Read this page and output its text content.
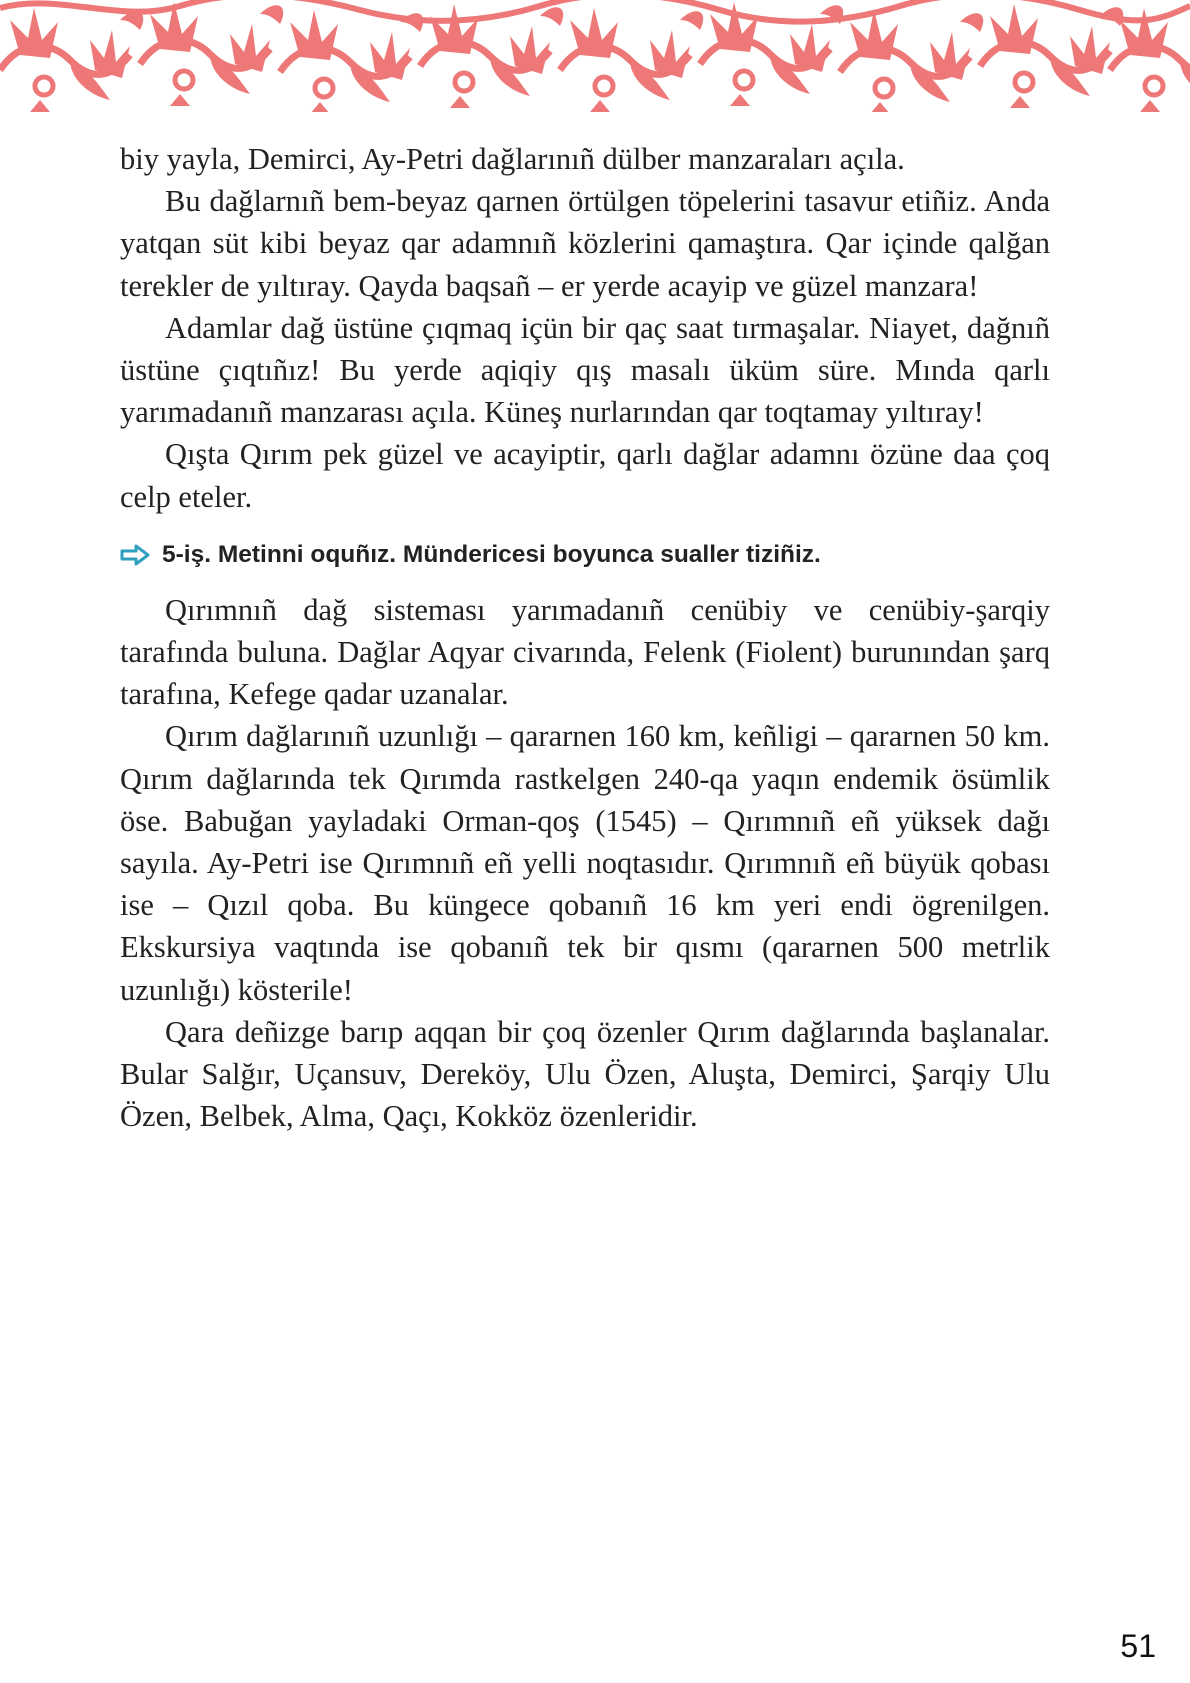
biy yayla, Demirci, Ay-Petri dağlarınıñ dülber manzaraları açıla.

Bu dağlarnıñ bem-beyaz qarnen örtülgen töpelerini tasavur etiñiz. Anda yatqan süt kibi beyaz qar adamnıñ közlerini qamaştıra. Qar içinde qalğan terekler de yıltıray. Qayda baqsañ – er yerde acayip ve güzel manzara!

Adamlar dağ üstüne çıqmaq içün bir qaç saat tırmaşalar. Niayet, dağnıñ üstüne çıqtıñız! Bu yerde aqiqiy qış masalı üküm süre. Mında qarlı yarımadanıñ manzarası açıla. Küneş nurlarından qar toqtamay yıltıray!

Qışta Qırım pek güzel ve acayiptir, qarlı dağlar adamnı özüne daa çoq celp eteler.

5-iş. Metinni oquñız. Mündericesi boyunca sualler tiziñiz.

Qırımnıñ dağ sisteması yarımadanıñ cenübiy ve cenübiy-şarqiy tarafında buluna. Dağlar Aqyar civarında, Felenk (Fiolent) burunından şarq tarafına, Kefege qadar uzanalar.

Qırım dağlarınıñ uzunlığı – qararnen 160 km, keñligi – qararnen 50 km. Qırım dağlarında tek Qırımda rastkelgen 240-qa yaqın endemik ösümlik öse. Babuğan yayladaki Orman-qoş (1545) – Qırımnıñ eñ yüksek dağı sayıla. Ay-Petri ise Qırımnıñ eñ yelli noqtasıdır. Qırımnıñ eñ büyük qobası ise – Qızıl qoba. Bu küngece qobanıñ 16 km yeri endi ögrenilgen. Ekskursiya vaqtında ise qobanıñ tek bir qısmı (qararnen 500 metrlik uzunlığı) kösterile!

Qara deñizge barıp aqqan bir çoq özenler Qırım dağlarında başlanalar. Bular Salğır, Uçansuv, Dereköy, Ulu Özen, Aluşta, Demirci, Şarqiy Ulu Özen, Belbek, Alma, Qaçı, Kokköz özenleridir.

51
